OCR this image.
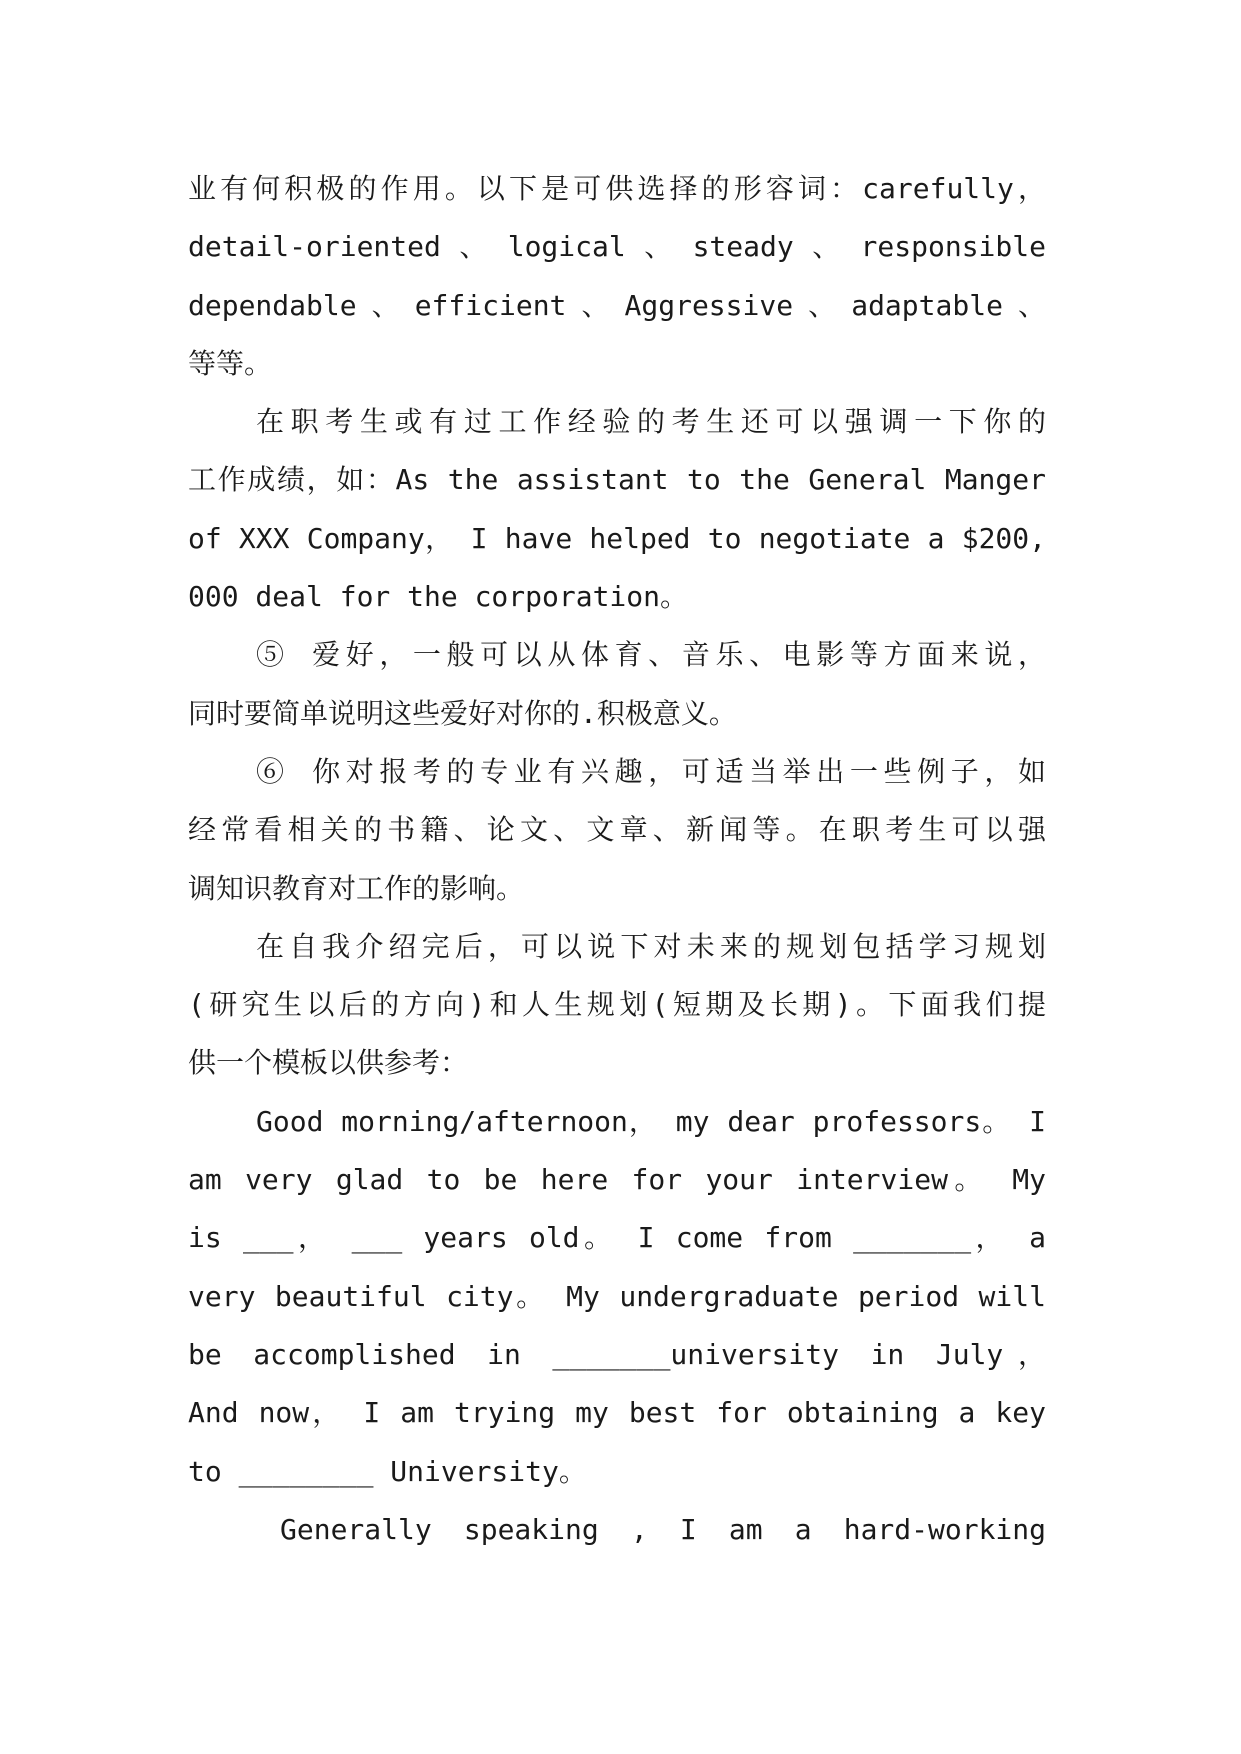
业有何积极的作用。以下是可供选择的形容词：carefully，
detail-oriented 、 logical 、 steady 、 responsible
dependable、efficient、Aggressive、adaptable、
等等。
在职考生或有过工作经验的考生还可以强调一下你的
工作成绩，如：As the assistant to the General Manger
of XXX Company， I have helped to negotiate a $200,
000 deal for the corporation。
⑤ 爱好，一般可以从体育、音乐、电影等方面来说，
同时要简单说明这些爱好对你的.积极意义。
⑥ 你对报考的专业有兴趣，可适当举出一些例子，如
经常看相关的书籍、论文、文章、新闻等。在职考生可以强
调知识教育对工作的影响。
在自我介绍完后，可以说下对未来的规划包括学习规划
(研究生以后的方向)和人生规划(短期及长期)。下面我们提
供一个模板以供参考：
Good morning/afternoon， my dear professors。 I
am very glad to be here for your interview。 My
is ___， ___ years old。 I come from _______， a
very beautiful city。 My undergraduate period will
be accomplished in _______university in July，
And now， I am trying my best for obtaining a key
to ________ University。
Generally speaking , I am a hard-working
